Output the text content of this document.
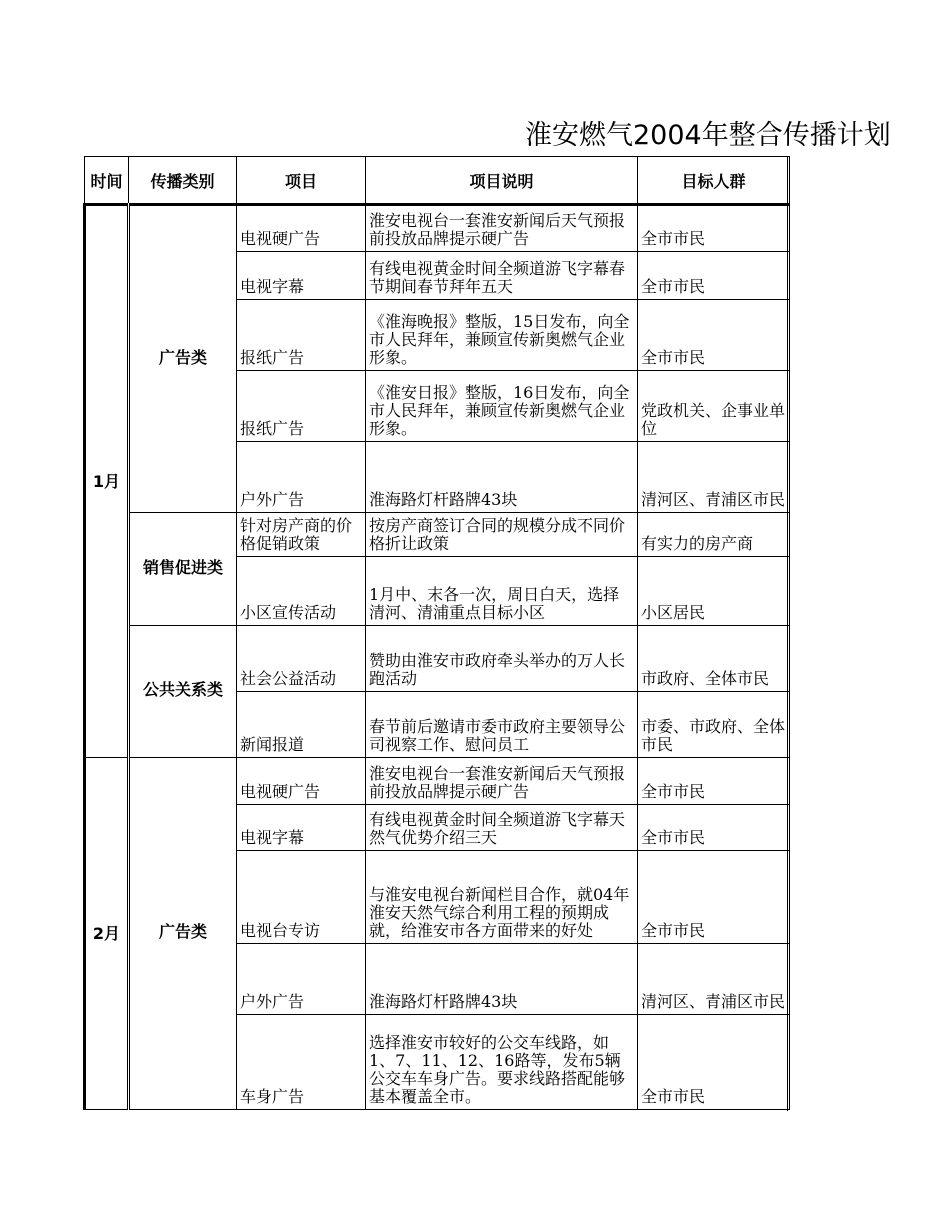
淮安燃气2004年整合传播计划
时间	传播类别	项目	项目说明	目标人群
1月	广告类	电视硬广告	淮安电视台一套淮安新闻后天气预报前投放品牌提示硬广告	全市市民
		电视字幕	有线电视黄金时间全频道游飞字幕春节期间春节拜年五天	全市市民
		报纸广告	《淮海晚报》整版，15日发布，向全市人民拜年，兼顾宣传新奥燃气企业形象。	全市市民
		报纸广告	《淮安日报》整版，16日发布，向全市人民拜年，兼顾宣传新奥燃气企业形象。	党政机关、企事业单位
		户外广告	淮海路灯杆路牌43块	清河区、青浦区市民
	销售促进类	针对房产商的价格促销政策	按房产商签订合同的规模分成不同价格折让政策	有实力的房产商
		小区宣传活动	1月中、末各一次，周日白天，选择清河、清浦重点目标小区	小区居民
	公共关系类	社会公益活动	赞助由淮安市政府牵头举办的万人长跑活动	市政府、全体市民
		新闻报道	春节前后邀请市委市政府主要领导公司视察工作、慰问员工	市委、市政府、全体市民
2月	广告类	电视硬广告	淮安电视台一套淮安新闻后天气预报前投放品牌提示硬广告	全市市民
		电视字幕	有线电视黄金时间全频道游飞字幕天然气优势介绍三天	全市市民
		电视台专访	与淮安电视台新闻栏目合作，就04年淮安天然气综合利用工程的预期成就，给淮安市各方面带来的好处	全市市民
		户外广告	淮海路灯杆路牌43块	清河区、青浦区市民
		车身广告	选择淮安市较好的公交车线路，如1、7、11、12、16路等，发布5辆公交车车身广告。要求线路搭配能够基本覆盖全市。	全市市民
